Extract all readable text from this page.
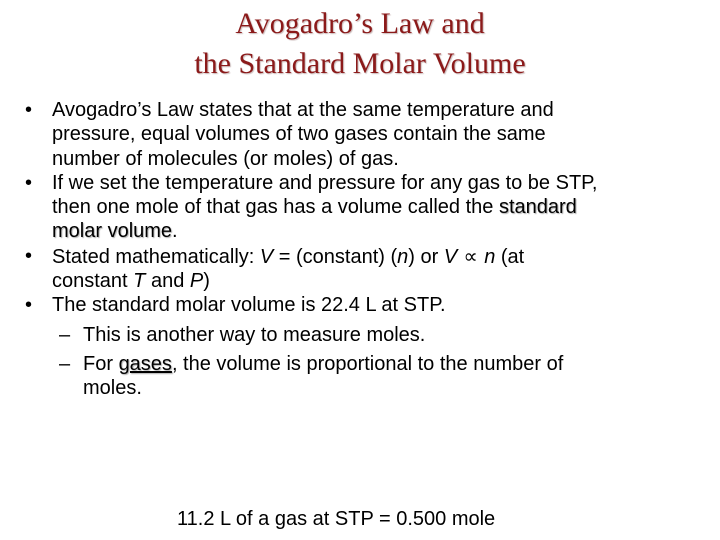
Avogadro’s Law and
the Standard Molar Volume
• Avogadro’s Law states that at the same temperature and
pressure, equal volumes of two gases contain the same
number of molecules (or moles) of gas.
• If we set the temperature and pressure for any gas to be STP,
then one mole of that gas has a volume called the standard
molar volume.
• Stated mathematically: V = (constant) (n) or V ∝ n (at
constant T and P)
• The standard molar volume is 22.4 L at STP.
– This is another way to measure moles.
– For gases, the volume is proportional to the number of
moles.
11.2 L of a gas at STP = 0.500 mole
